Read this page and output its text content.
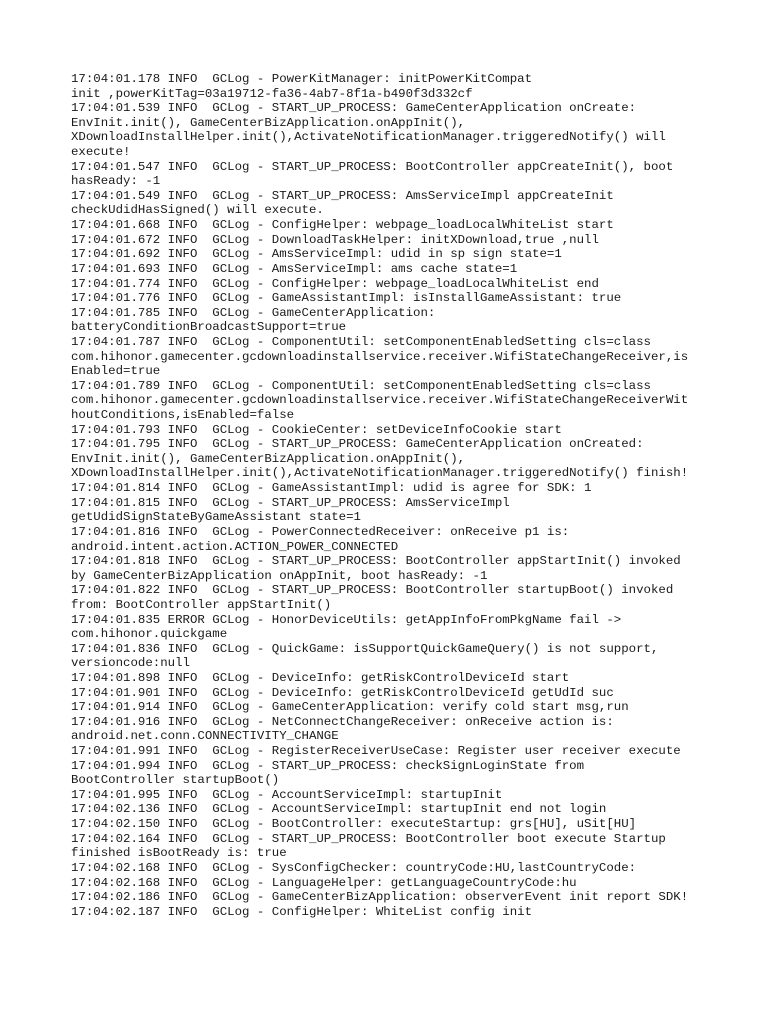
17:04:01.178 INFO  GCLog - PowerKitManager: initPowerKitCompat
init ,powerKitTag=03a19712-fa36-4ab7-8f1a-b490f3d332cf
17:04:01.539 INFO  GCLog - START_UP_PROCESS: GameCenterApplication onCreate:
EnvInit.init(), GameCenterBizApplication.onAppInit(),
XDownloadInstallHelper.init(),ActivateNotificationManager.triggeredNotify() will
execute!
17:04:01.547 INFO  GCLog - START_UP_PROCESS: BootController appCreateInit(), boot
hasReady: -1
17:04:01.549 INFO  GCLog - START_UP_PROCESS: AmsServiceImpl appCreateInit
checkUdidHasSigned() will execute.
17:04:01.668 INFO  GCLog - ConfigHelper: webpage_loadLocalWhiteList start
17:04:01.672 INFO  GCLog - DownloadTaskHelper: initXDownload,true ,null
17:04:01.692 INFO  GCLog - AmsServiceImpl: udid in sp sign state=1
17:04:01.693 INFO  GCLog - AmsServiceImpl: ams cache state=1
17:04:01.774 INFO  GCLog - ConfigHelper: webpage_loadLocalWhiteList end
17:04:01.776 INFO  GCLog - GameAssistantImpl: isInstallGameAssistant: true
17:04:01.785 INFO  GCLog - GameCenterApplication:
batteryConditionBroadcastSupport=true
17:04:01.787 INFO  GCLog - ComponentUtil: setComponentEnabledSetting cls=class
com.hihonor.gamecenter.gcdownloadinstallservice.receiver.WifiStateChangeReceiver,is
Enabled=true
17:04:01.789 INFO  GCLog - ComponentUtil: setComponentEnabledSetting cls=class
com.hihonor.gamecenter.gcdownloadinstallservice.receiver.WifiStateChangeReceiverWit
houtConditions,isEnabled=false
17:04:01.793 INFO  GCLog - CookieCenter: setDeviceInfoCookie start
17:04:01.795 INFO  GCLog - START_UP_PROCESS: GameCenterApplication onCreated:
EnvInit.init(), GameCenterBizApplication.onAppInit(),
XDownloadInstallHelper.init(),ActivateNotificationManager.triggeredNotify() finish!
17:04:01.814 INFO  GCLog - GameAssistantImpl: udid is agree for SDK: 1
17:04:01.815 INFO  GCLog - START_UP_PROCESS: AmsServiceImpl
getUdidSignStateByGameAssistant state=1
17:04:01.816 INFO  GCLog - PowerConnectedReceiver: onReceive p1 is:
android.intent.action.ACTION_POWER_CONNECTED
17:04:01.818 INFO  GCLog - START_UP_PROCESS: BootController appStartInit() invoked
by GameCenterBizApplication onAppInit, boot hasReady: -1
17:04:01.822 INFO  GCLog - START_UP_PROCESS: BootController startupBoot() invoked
from: BootController appStartInit()
17:04:01.835 ERROR GCLog - HonorDeviceUtils: getAppInfoFromPkgName fail ->
com.hihonor.quickgame
17:04:01.836 INFO  GCLog - QuickGame: isSupportQuickGameQuery() is not support,
versioncode:null
17:04:01.898 INFO  GCLog - DeviceInfo: getRiskControlDeviceId start
17:04:01.901 INFO  GCLog - DeviceInfo: getRiskControlDeviceId getUdId suc
17:04:01.914 INFO  GCLog - GameCenterApplication: verify cold start msg,run
17:04:01.916 INFO  GCLog - NetConnectChangeReceiver: onReceive action is:
android.net.conn.CONNECTIVITY_CHANGE
17:04:01.991 INFO  GCLog - RegisterReceiverUseCase: Register user receiver execute
17:04:01.994 INFO  GCLog - START_UP_PROCESS: checkSignLoginState from
BootController startupBoot()
17:04:01.995 INFO  GCLog - AccountServiceImpl: startupInit
17:04:02.136 INFO  GCLog - AccountServiceImpl: startupInit end not login
17:04:02.150 INFO  GCLog - BootController: executeStartup: grs[HU], uSit[HU]
17:04:02.164 INFO  GCLog - START_UP_PROCESS: BootController boot execute Startup
finished isBootReady is: true
17:04:02.168 INFO  GCLog - SysConfigChecker: countryCode:HU,lastCountryCode:
17:04:02.168 INFO  GCLog - LanguageHelper: getLanguageCountryCode:hu
17:04:02.186 INFO  GCLog - GameCenterBizApplication: observerEvent init report SDK!
17:04:02.187 INFO  GCLog - ConfigHelper: WhiteList config init
